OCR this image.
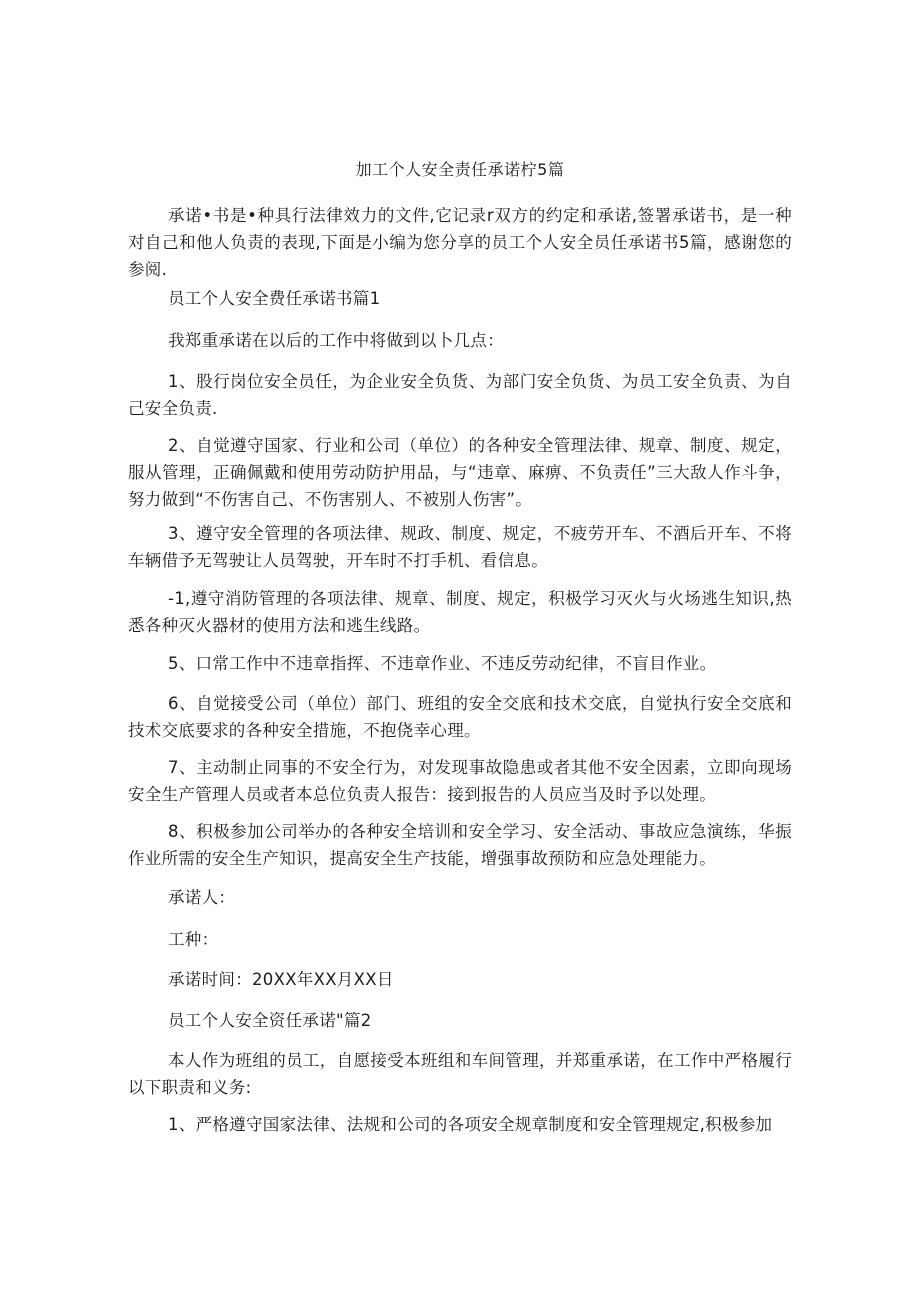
加工个人安全责任承诺柠5篇

承诺•书是•种具行法律效力的文件,它记录r双方的约定和承诺,签署承诺书，是一种对自己和他人负责的表现,下面是小编为您分享的员工个人安全员任承诺书5篇，感谢您的参阅.

员工个人安全费任承诺书篇1

我郑重承诺在以后的工作中将做到以卜几点：

1、股行岗位安全员任，为企业安全负货、为部门安全负货、为员工安全负责、为自己安全负责.

2、自觉遵守国家、行业和公司（单位）的各种安全管理法律、规章、制度、规定，服从管理，正确佩戴和使用劳动防护用品，与“违章、麻痹、不负责任”三大敌人作斗争，努力做到“不伤害自己、不伤害别人、不被别人伤害”。

3、遵守安全管理的各项法律、规政、制度、规定，不疲劳开车、不酒后开车、不将车辆借予无驾驶让人员驾驶，开车时不打手机、看信息。

-1,遵守消防管理的各项法律、规章、制度、规定，积极学习灭火与火场逃生知识,热悉各种灭火器材的使用方法和逃生线路。

5、口常工作中不违章指挥、不违章作业、不违反劳动纪律，不盲目作业。

6、自觉接受公司（单位）部门、班组的安全交底和技术交底，自觉执行安全交底和技术交底要求的各种安全措施，不抱侥幸心理。

7、主动制止同事的不安全行为，对发现事故隐患或者其他不安全因素，立即向现场安全生产管理人员或者本总位负责人报告：接到报告的人员应当及时予以处理。

8、积极参加公司举办的各种安全培训和安全学习、安全活动、事故应急演练，华振作业所需的安全生产知识，提高安全生产技能，增强事故预防和应急处理能力。

承诺人：

工种：

承诺时间：20XX年XX月XX日

员工个人安全资任承诺"篇2

本人作为班组的员工，自愿接受本班组和车间管理，并郑重承诺，在工作中严格履行以下职责和义务:

1、严格遵守国家法律、法规和公司的各项安全规章制度和安全管理规定,积极参加
